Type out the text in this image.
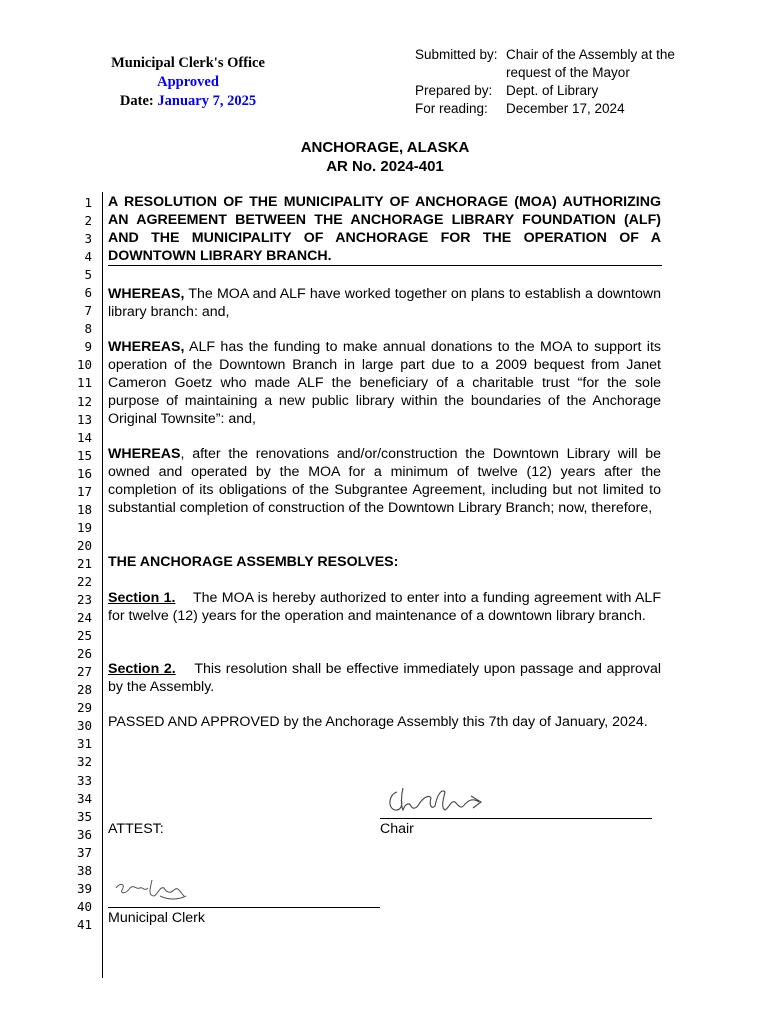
Municipal Clerk's Office
Approved
Date: January 7, 2025
Submitted by: Chair of the Assembly at the
request of the Mayor
Prepared by: Dept. of Library
For reading: December 17, 2024
ANCHORAGE, ALASKA
AR No. 2024-401
1
2
3
4
5
6
7
8
9
10
11
12
13
14
15
16
17
18
19
20
21
22
23
24
25
26
27
28
29
30
31
32
33
34
35
36
37
38
39
40
41
A RESOLUTION OF THE MUNICIPALITY OF ANCHORAGE (MOA) AUTHORIZING AN AGREEMENT BETWEEN THE ANCHORAGE LIBRARY FOUNDATION (ALF) AND THE MUNICIPALITY OF ANCHORAGE FOR THE OPERATION OF A DOWNTOWN LIBRARY BRANCH.
WHEREAS, The MOA and ALF have worked together on plans to establish a downtown library branch: and,
WHEREAS, ALF has the funding to make annual donations to the MOA to support its operation of the Downtown Branch in large part due to a 2009 bequest from Janet Cameron Goetz who made ALF the beneficiary of a charitable trust “for the sole purpose of maintaining a new public library within the boundaries of the Anchorage Original Townsite”: and,
WHEREAS, after the renovations and/or/construction the Downtown Library will be owned and operated by the MOA for a minimum of twelve (12) years after the completion of its obligations of the Subgrantee Agreement, including but not limited to substantial completion of construction of the Downtown Library Branch; now, therefore,
THE ANCHORAGE ASSEMBLY RESOLVES:
Section 1. The MOA is hereby authorized to enter into a funding agreement with ALF for twelve (12) years for the operation and maintenance of a downtown library branch.
Section 2. This resolution shall be effective immediately upon passage and approval by the Assembly.
PASSED AND APPROVED by the Anchorage Assembly this 7th day of January, 2024.
ATTEST:	Chair
Municipal Clerk
